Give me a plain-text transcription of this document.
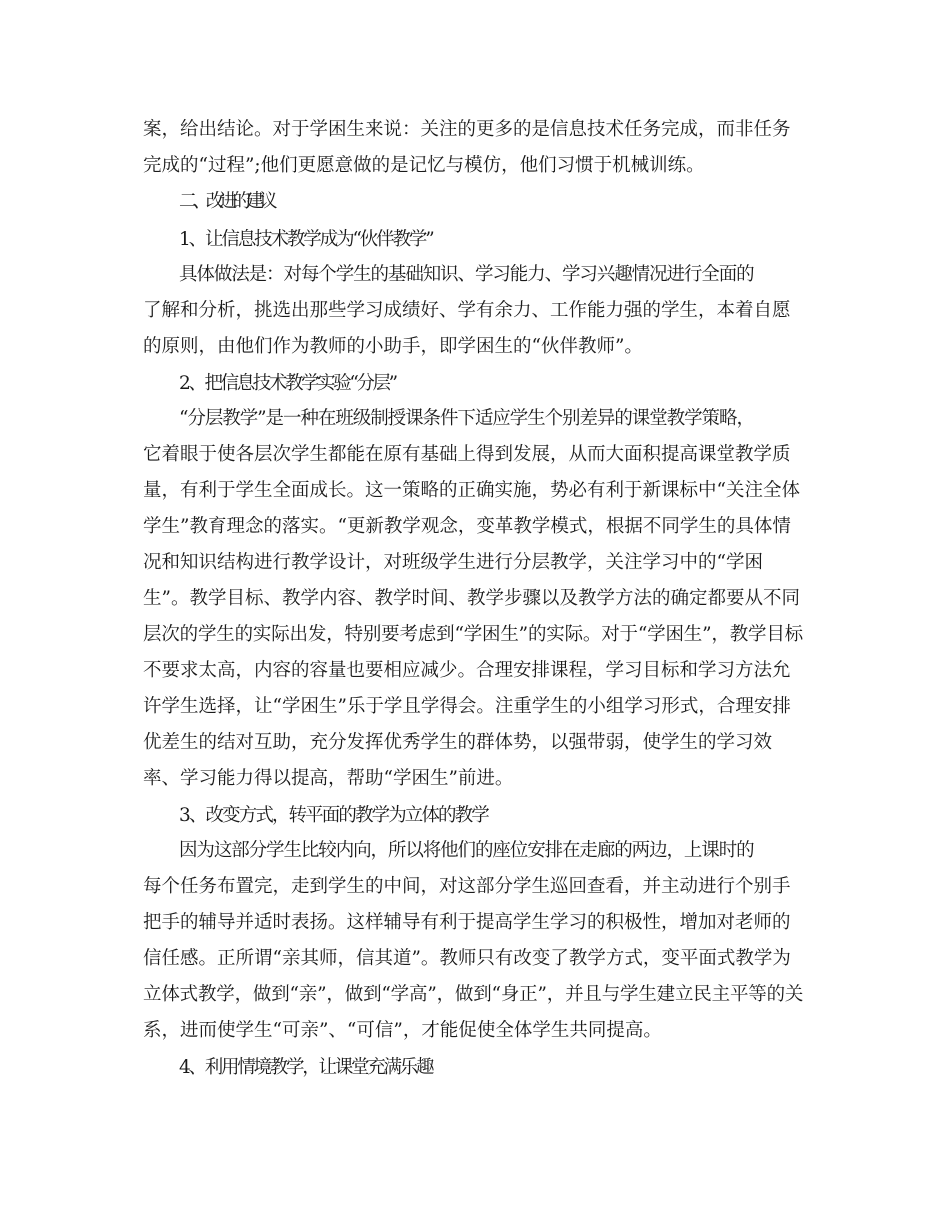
案，给出结论。对于学困生来说：关注的更多的是信息技术任务完成，而非任务
完成的“过程”;他们更愿意做的是记忆与模仿，他们习惯于机械训练。
二、改进的建议
1、让信息技术教学成为“伙伴教学”
具体做法是：对每个学生的基础知识、学习能力、学习兴趣情况进行全面的
了解和分析，挑选出那些学习成绩好、学有余力、工作能力强的学生，本着自愿
的原则，由他们作为教师的小助手，即学困生的“伙伴教师”。
2、把信息技术教学实验“分层”
“分层教学”是一种在班级制授课条件下适应学生个别差异的课堂教学策略，
它着眼于使各层次学生都能在原有基础上得到发展，从而大面积提高课堂教学质
量，有利于学生全面成长。这一策略的正确实施，势必有利于新课标中“关注全体
学生”教育理念的落实。“更新教学观念，变革教学模式，根据不同学生的具体情
况和知识结构进行教学设计，对班级学生进行分层教学，关注学习中的“学困
生”。教学目标、教学内容、教学时间、教学步骤以及教学方法的确定都要从不同
层次的学生的实际出发，特别要考虑到“学困生”的实际。对于“学困生”，教学目标
不要求太高，内容的容量也要相应减少。合理安排课程，学习目标和学习方法允
许学生选择，让“学困生”乐于学且学得会。注重学生的小组学习形式，合理安排
优差生的结对互助，充分发挥优秀学生的群体势，以强带弱，使学生的学习效
率、学习能力得以提高，帮助“学困生”前进。
3、改变方式，转平面的教学为立体的教学
因为这部分学生比较内向，所以将他们的座位安排在走廊的两边，上课时的
每个任务布置完，走到学生的中间，对这部分学生巡回查看，并主动进行个别手
把手的辅导并适时表扬。这样辅导有利于提高学生学习的积极性，增加对老师的
信任感。正所谓“亲其师，信其道”。教师只有改变了教学方式，变平面式教学为
立体式教学，做到“亲”，做到“学高”，做到“身正”，并且与学生建立民主平等的关
系，进而使学生“可亲”、“可信”，才能促使全体学生共同提高。
4、利用情境教学，让课堂充满乐趣
